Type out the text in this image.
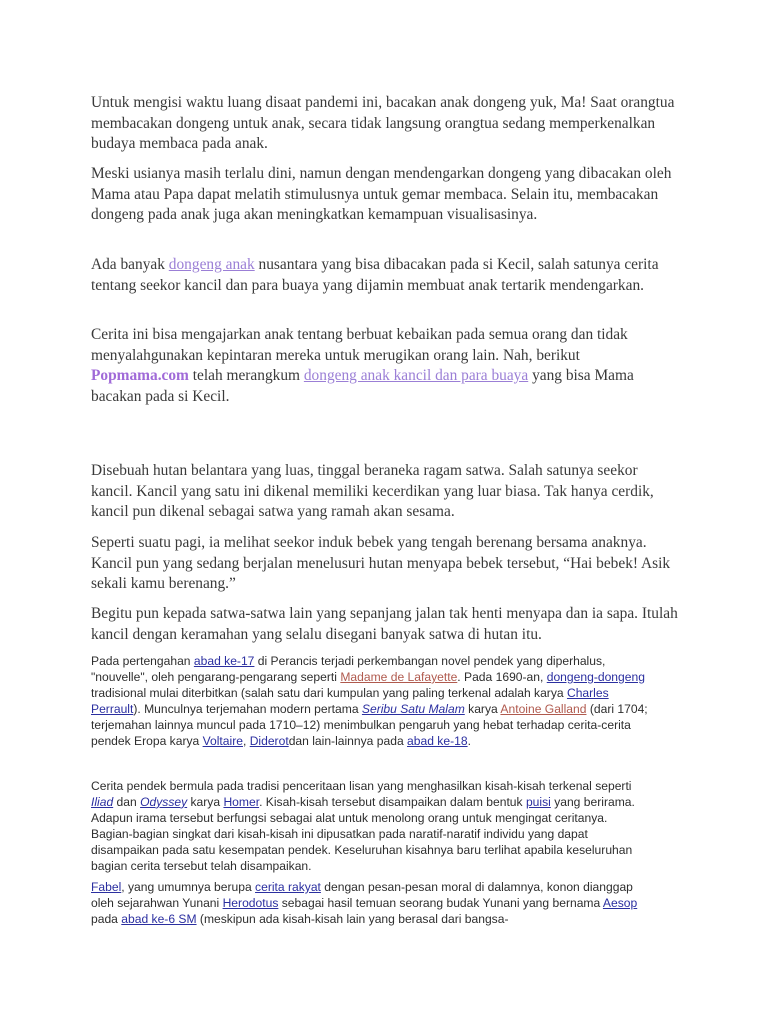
Untuk mengisi waktu luang disaat pandemi ini, bacakan anak dongeng yuk, Ma! Saat orangtua membacakan dongeng untuk anak, secara tidak langsung orangtua sedang memperkenalkan budaya membaca pada anak.

Meski usianya masih terlalu dini, namun dengan mendengarkan dongeng yang dibacakan oleh Mama atau Papa dapat melatih stimulusnya untuk gemar membaca. Selain itu, membacakan dongeng pada anak juga akan meningkatkan kemampuan visualisasinya.

Ada banyak dongeng anak nusantara yang bisa dibacakan pada si Kecil, salah satunya cerita tentang seekor kancil dan para buaya yang dijamin membuat anak tertarik mendengarkan.

Cerita ini bisa mengajarkan anak tentang berbuat kebaikan pada semua orang dan tidak menyalahgunakan kepintaran mereka untuk merugikan orang lain. Nah, berikut Popmama.com telah merangkum dongeng anak kancil dan para buaya yang bisa Mama bacakan pada si Kecil.

Disebuah hutan belantara yang luas, tinggal beraneka ragam satwa. Salah satunya seekor kancil. Kancil yang satu ini dikenal memiliki kecerdikan yang luar biasa. Tak hanya cerdik, kancil pun dikenal sebagai satwa yang ramah akan sesama.

Seperti suatu pagi, ia melihat seekor induk bebek yang tengah berenang bersama anaknya. Kancil pun yang sedang berjalan menelusuri hutan menyapa bebek tersebut, “Hai bebek! Asik sekali kamu berenang.”

Begitu pun kepada satwa-satwa lain yang sepanjang jalan tak henti menyapa dan ia sapa. Itulah kancil dengan keramahan yang selalu disegani banyak satwa di hutan itu.

Pada pertengahan abad ke-17 di Perancis terjadi perkembangan novel pendek yang diperhalus, "nouvelle", oleh pengarang-pengarang seperti Madame de Lafayette. Pada 1690-an, dongeng-dongeng tradisional mulai diterbitkan (salah satu dari kumpulan yang paling terkenal adalah karya Charles Perrault). Munculnya terjemahan modern pertama Seribu Satu Malam karya Antoine Galland (dari 1704; terjemahan lainnya muncul pada 1710–12) menimbulkan pengaruh yang hebat terhadap cerita-cerita pendek Eropa karya Voltaire, Diderotdan lain-lainnya pada abad ke-18.

Cerita pendek bermula pada tradisi penceritaan lisan yang menghasilkan kisah-kisah terkenal seperti Iliad dan Odyssey karya Homer. Kisah-kisah tersebut disampaikan dalam bentuk puisi yang berirama. Adapun irama tersebut berfungsi sebagai alat untuk menolong orang untuk mengingat ceritanya. Bagian-bagian singkat dari kisah-kisah ini dipusatkan pada naratif-naratif individu yang dapat disampaikan pada satu kesempatan pendek. Keseluruhan kisahnya baru terlihat apabila keseluruhan bagian cerita tersebut telah disampaikan.

Fabel, yang umumnya berupa cerita rakyat dengan pesan-pesan moral di dalamnya, konon dianggap oleh sejarahwan Yunani Herodotus sebagai hasil temuan seorang budak Yunani yang bernama Aesop pada abad ke-6 SM (meskipun ada kisah-kisah lain yang berasal dari bangsa-
